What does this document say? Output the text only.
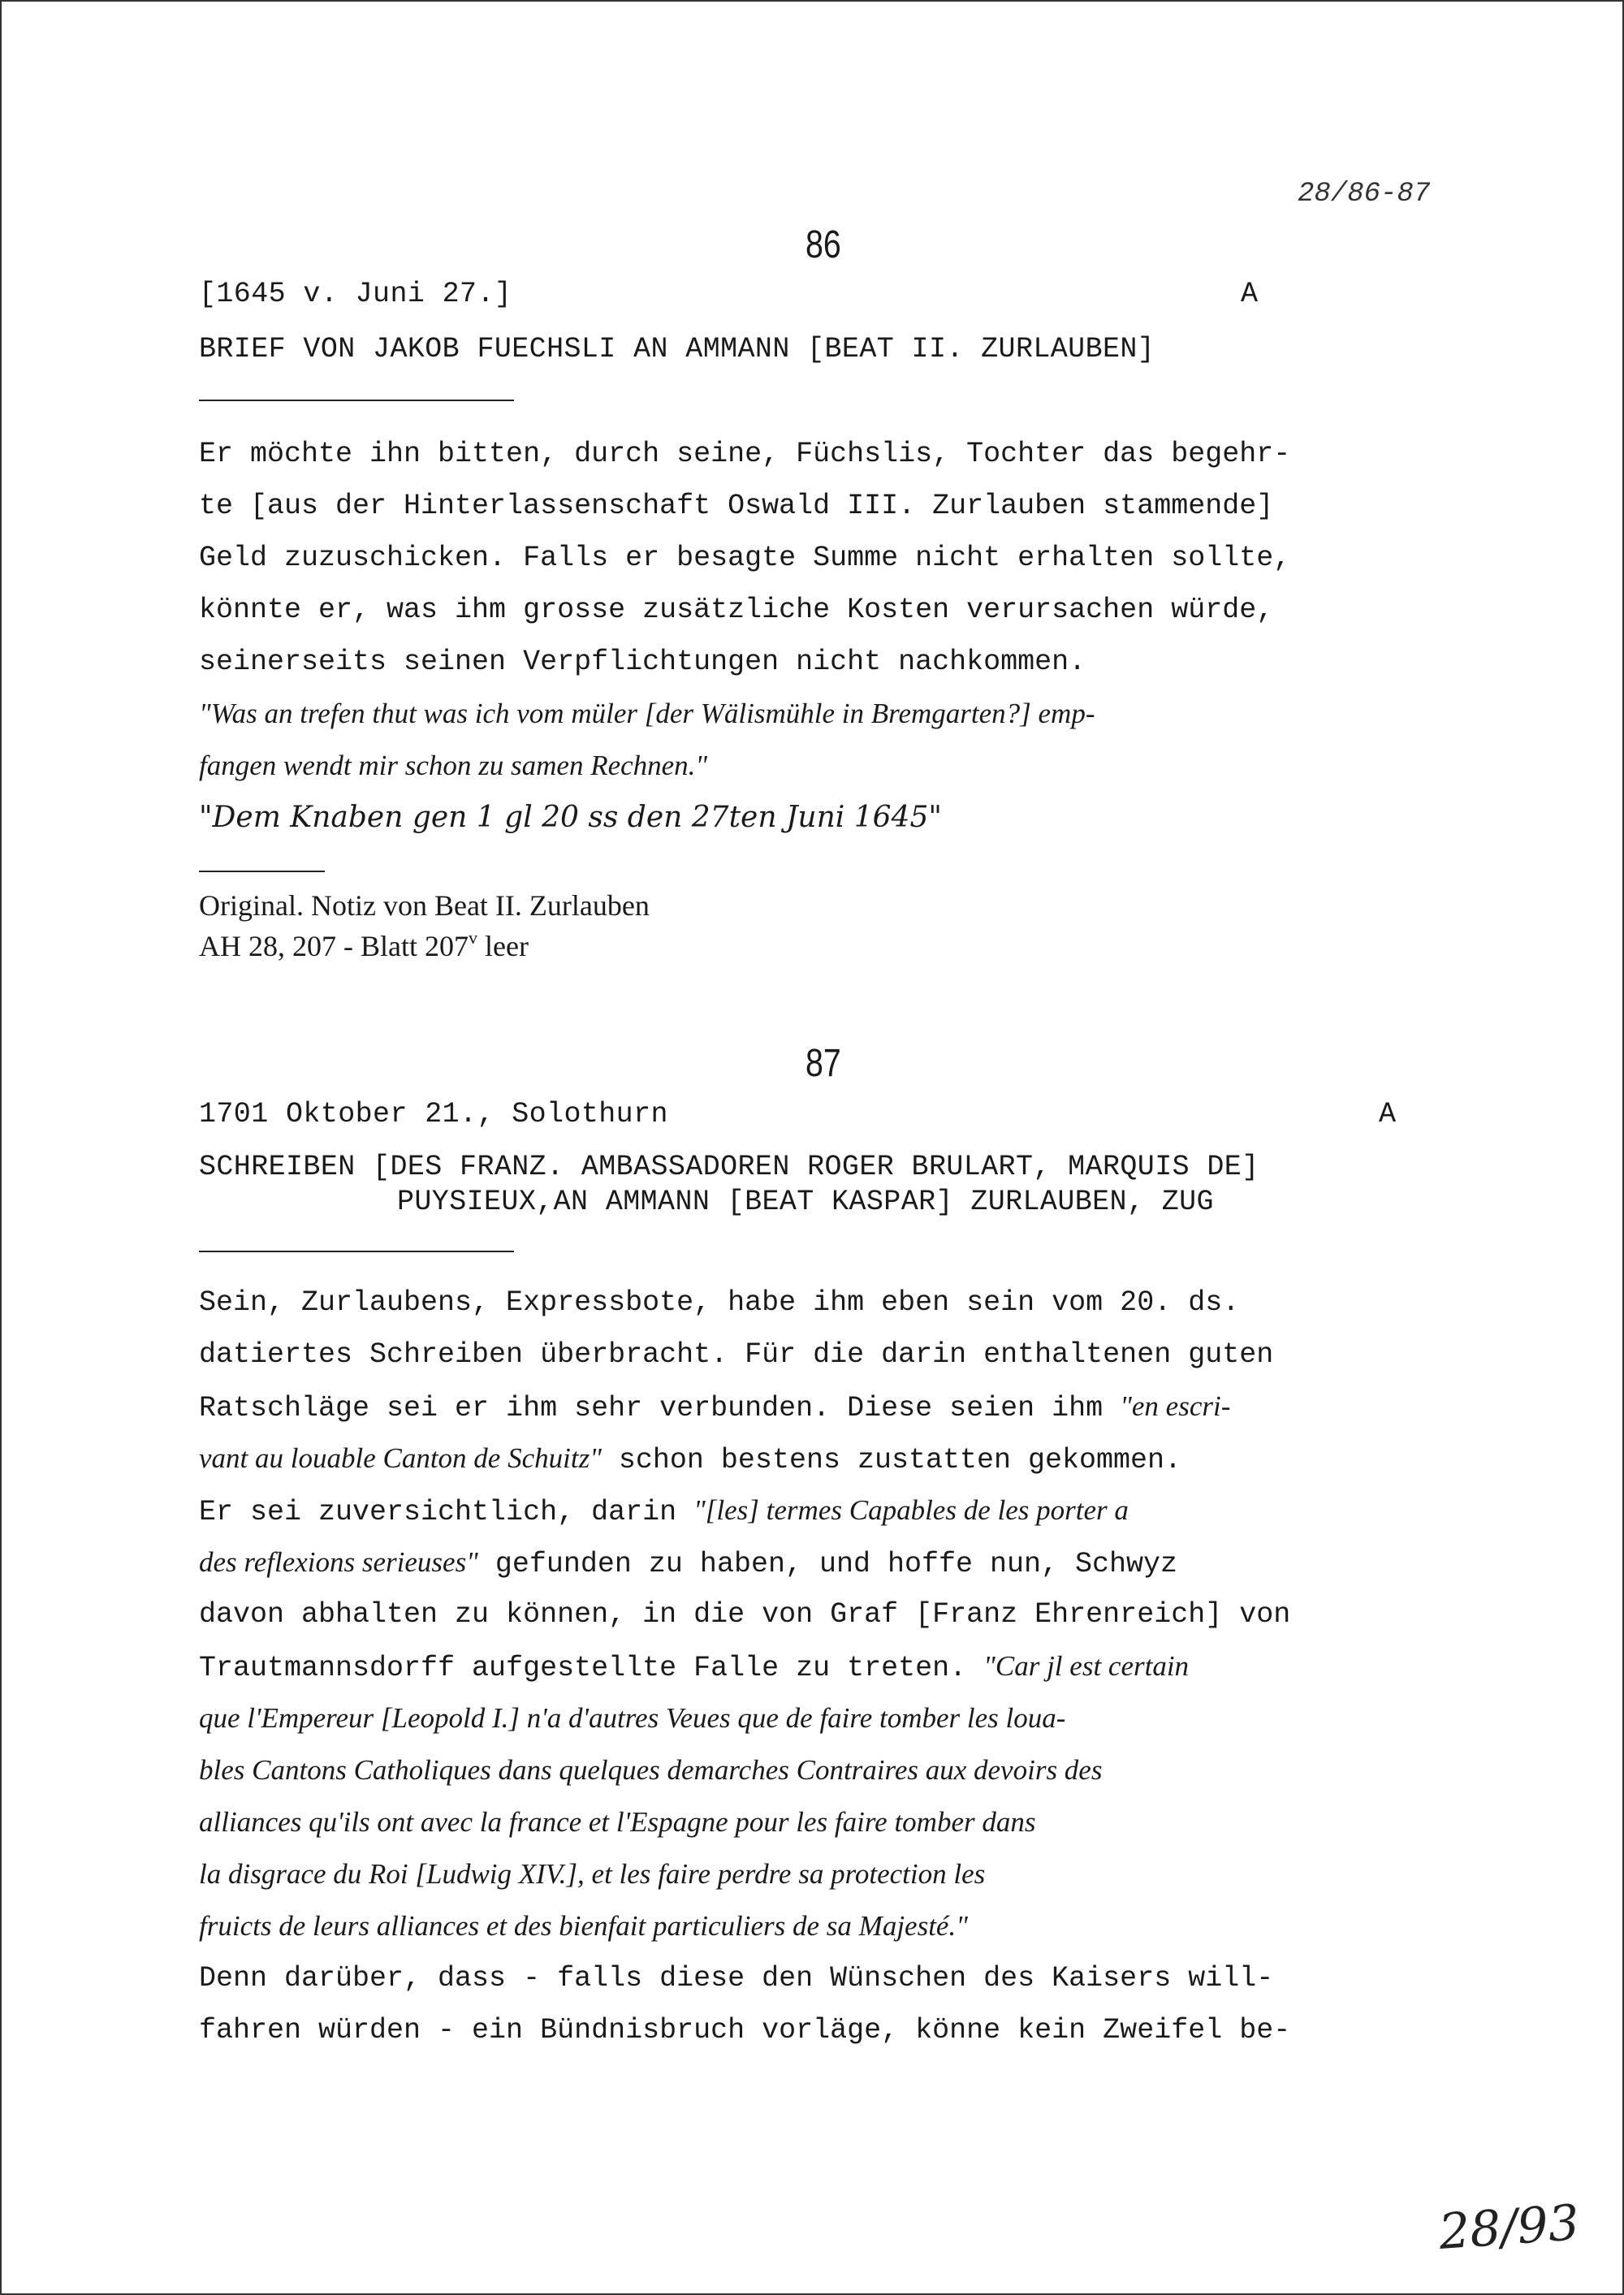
28/86-87
86
[1645 v. Juni 27.]	A
BRIEF VON JAKOB FUECHSLI AN AMMANN [BEAT II. ZURLAUBEN]
Er möchte ihn bitten, durch seine, Füchslis, Tochter das begehr-
te [aus der Hinterlassenschaft Oswald III. Zurlauben stammende]
Geld zuzuschicken. Falls er besagte Summe nicht erhalten sollte,
könnte er, was ihm grosse zusätzliche Kosten verursachen würde,
seinerseits seinen Verpflichtungen nicht nachkommen.
"Was an trefen thut was ich vom müler [der Wälismühle in Bremgarten?] emp-
fangen wendt mir schon zu samen Rechnen."
"Dem Knaben gen 1 gl 20 ss den 27ten Juni 1645"
Original. Notiz von Beat II. Zurlauben
AH 28, 207 - Blatt 207$^v$ leer
87
1701 Oktober 21., Solothurn	A
SCHREIBEN [DES FRANZ. AMBASSADOREN ROGER BRULART, MARQUIS DE]
PUYSIEUX,AN AMMANN [BEAT KASPAR] ZURLAUBEN, ZUG
Sein, Zurlaubens, Expressbote, habe ihm eben sein vom 20. ds.
datiertes Schreiben überbracht. Für die darin enthaltenen guten
Ratschläge sei er ihm sehr verbunden. Diese seien ihm "en escri-
vant au louable Canton de Schuitz" schon bestens zustatten gekommen.
Er sei zuversichtlich, darin "[les] termes Capables de les porter a
des reflexions serieuses" gefunden zu haben, und hoffe nun, Schwyz
davon abhalten zu können, in die von Graf [Franz Ehrenreich] von
Trautmannsdorff aufgestellte Falle zu treten. "Car jl est certain
que l'Empereur [Leopold I.] n'a d'autres Veues que de faire tomber les loua-
bles Cantons Catholiques dans quelques demarches Contraires aux devoirs des
alliances qu'ils ont avec la france et l'Espagne pour les faire tomber dans
la disgrace du Roi [Ludwig XIV.], et les faire perdre sa protection les
fruicts de leurs alliances et des bienfait particuliers de sa Majesté."
Denn darüber, dass - falls diese den Wünschen des Kaisers will-
fahren würden - ein Bündnisbruch vorläge, könne kein Zweifel be-
28/93
